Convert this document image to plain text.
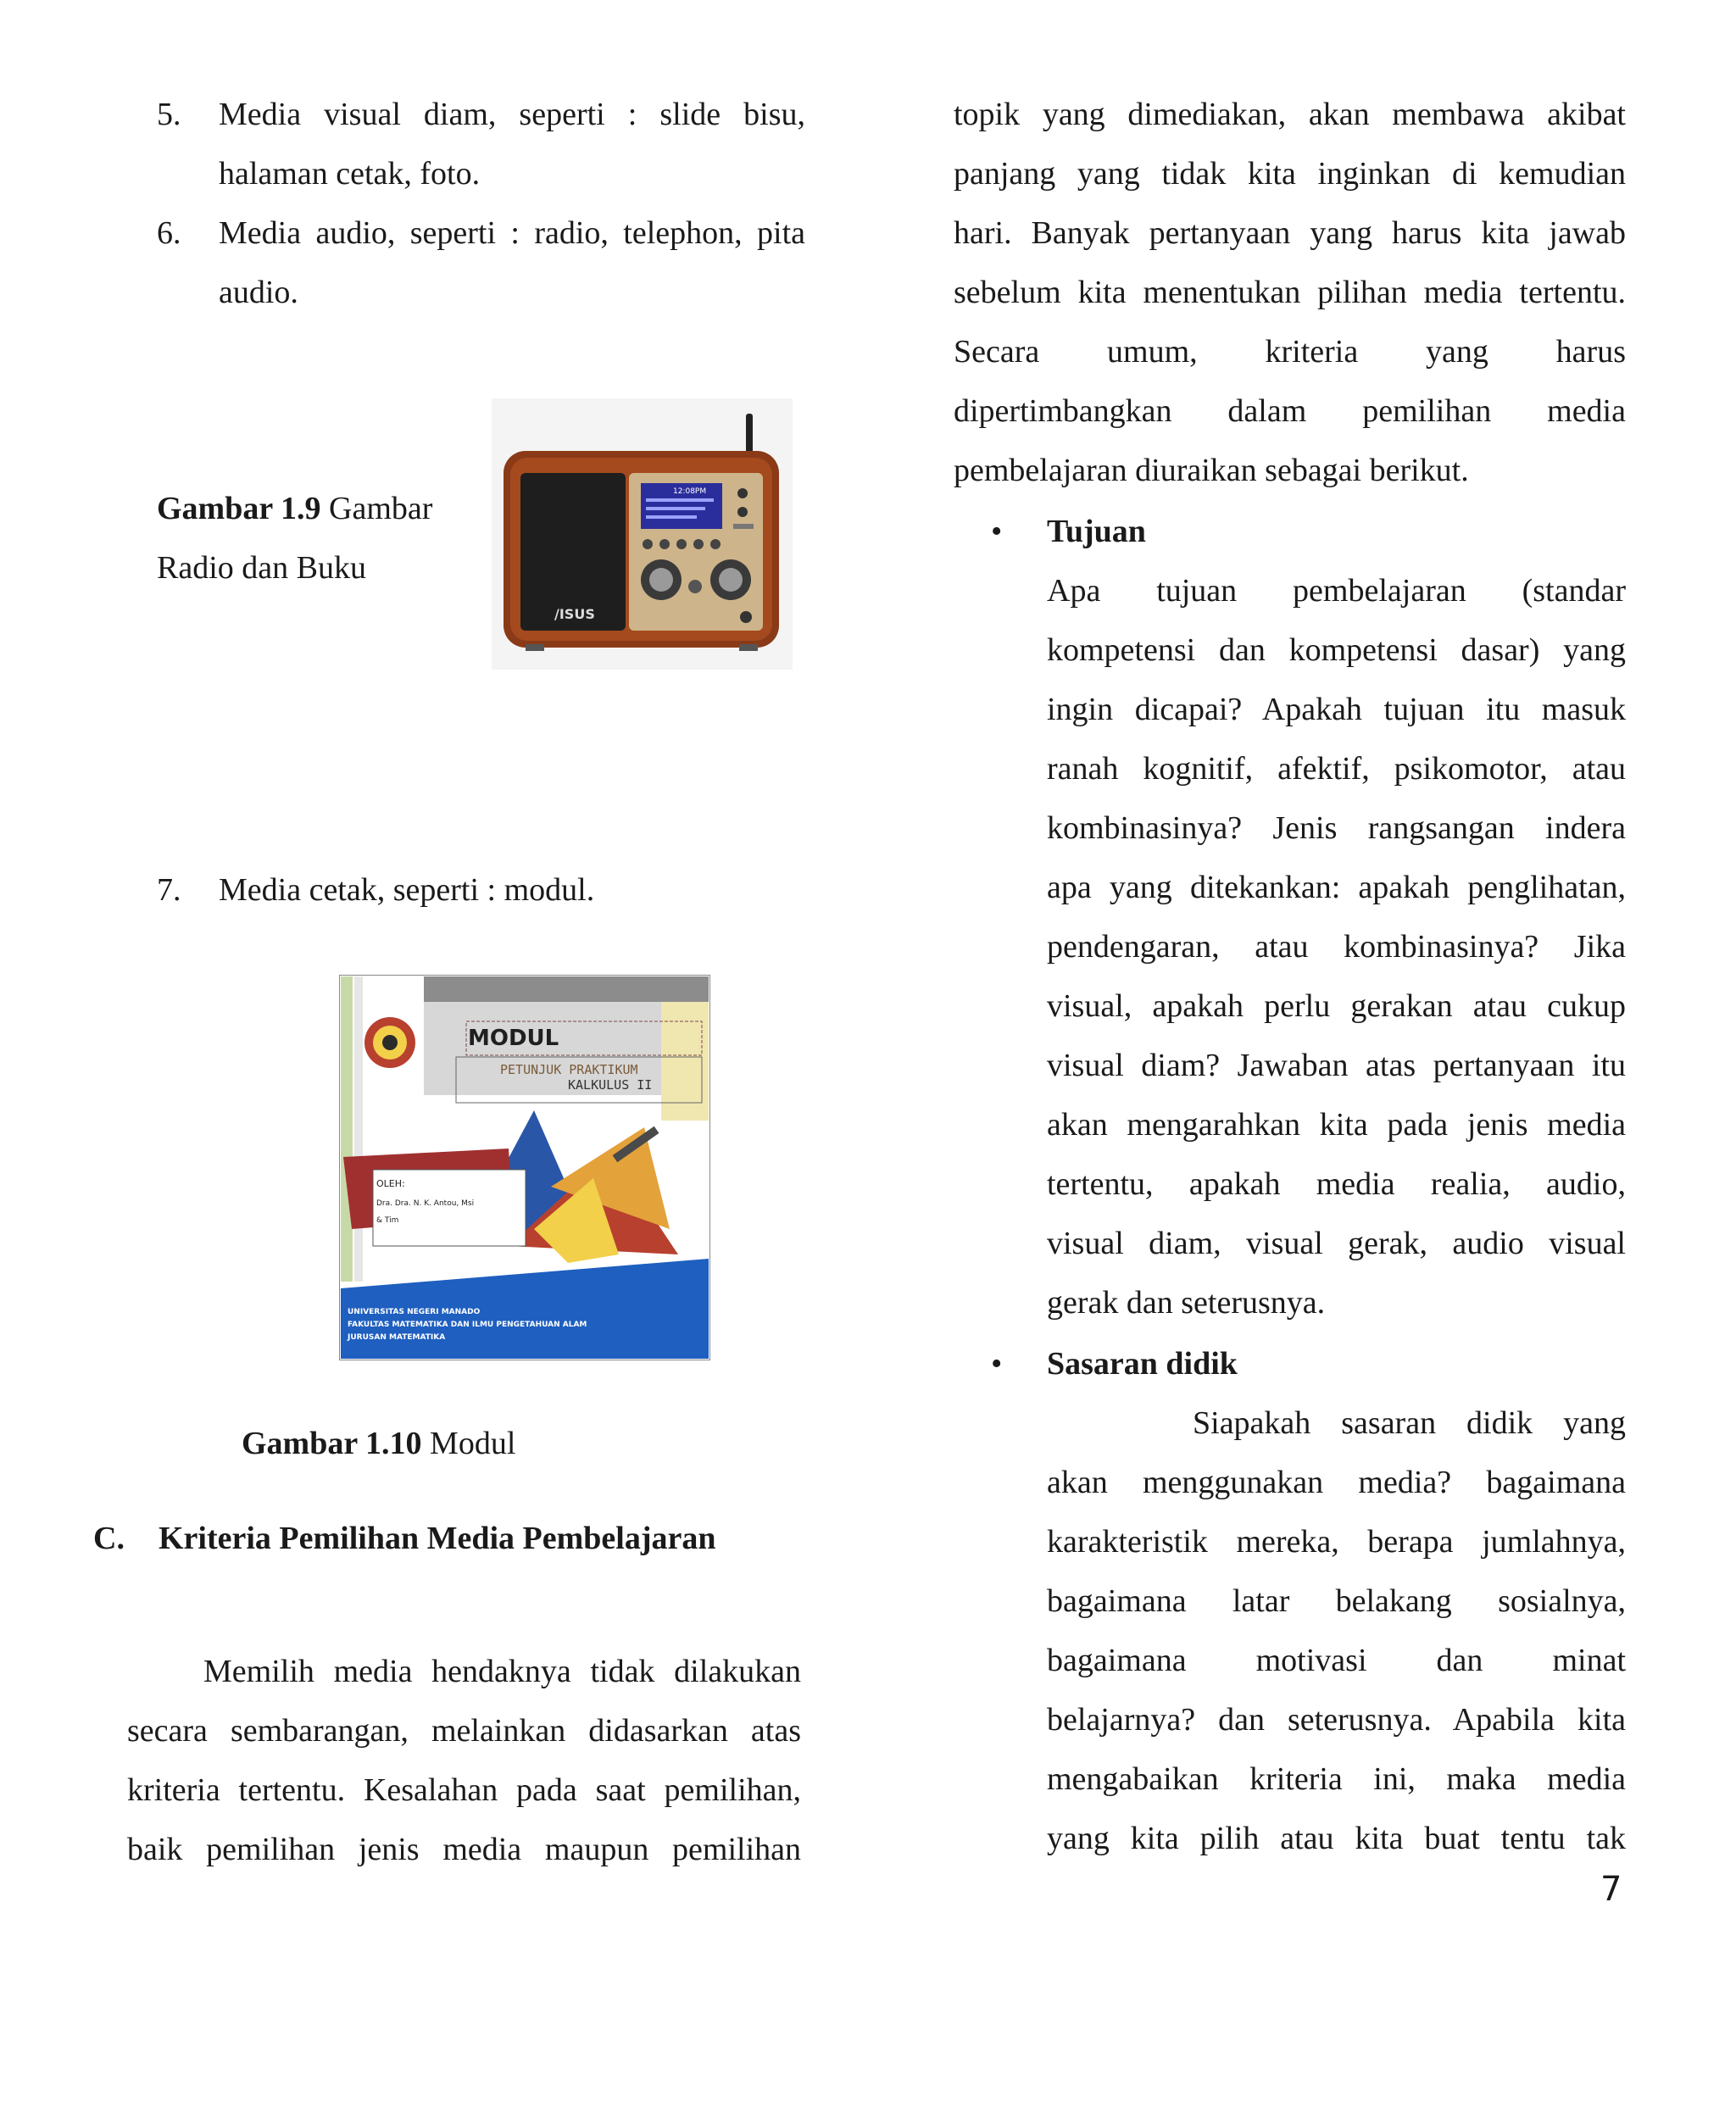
5. Media visual diam, seperti : slide bisu,

halaman cetak, foto.

6. Media audio, seperti : radio, telephon, pita

audio.

Gambar 1.9 Gambar
Radio dan Buku
12:08PM
/ISUS
7. Media cetak, seperti : modul.

MODUL
PETUNJUK PRAKTIKUM
KALKULUS II
OLEH:
Dra. Dra. N. K. Antou, Msi
& Tim
UNIVERSITAS NEGERI MANADO
FAKULTAS MATEMATIKA DAN ILMU PENGETAHUAN ALAM
JURUSAN MATEMATIKA
Gambar 1.10 Modul
C. Kriteria Pemilihan Media Pembelajaran

Memilih media hendaknya tidak dilakukan

secara sembarangan, melainkan didasarkan atas

kriteria tertentu. Kesalahan pada saat pemilihan,

baik pemilihan jenis media maupun pemilihan

topik yang dimediakan, akan membawa akibat

panjang yang tidak kita inginkan di kemudian

hari. Banyak pertanyaan yang harus kita jawab

sebelum kita menentukan pilihan media tertentu.

Secara umum, kriteria yang harus

dipertimbangkan dalam pemilihan media

pembelajaran diuraikan sebagai berikut.

• Tujuan

Apa tujuan pembelajaran (standar

kompetensi dan kompetensi dasar) yang

ingin dicapai? Apakah tujuan itu masuk

ranah kognitif, afektif, psikomotor, atau

kombinasinya? Jenis rangsangan indera

apa yang ditekankan: apakah penglihatan,

pendengaran, atau kombinasinya? Jika

visual, apakah perlu gerakan atau cukup

visual diam? Jawaban atas pertanyaan itu

akan mengarahkan kita pada jenis media

tertentu, apakah media realia, audio,

visual diam, visual gerak, audio visual

gerak dan seterusnya.

• Sasaran didik

Siapakah sasaran didik yang

akan menggunakan media? bagaimana

karakteristik mereka, berapa jumlahnya,

bagaimana latar belakang sosialnya,

bagaimana motivasi dan minat

belajarnya? dan seterusnya. Apabila kita

mengabaikan kriteria ini, maka media

yang kita pilih atau kita buat tentu tak

7
